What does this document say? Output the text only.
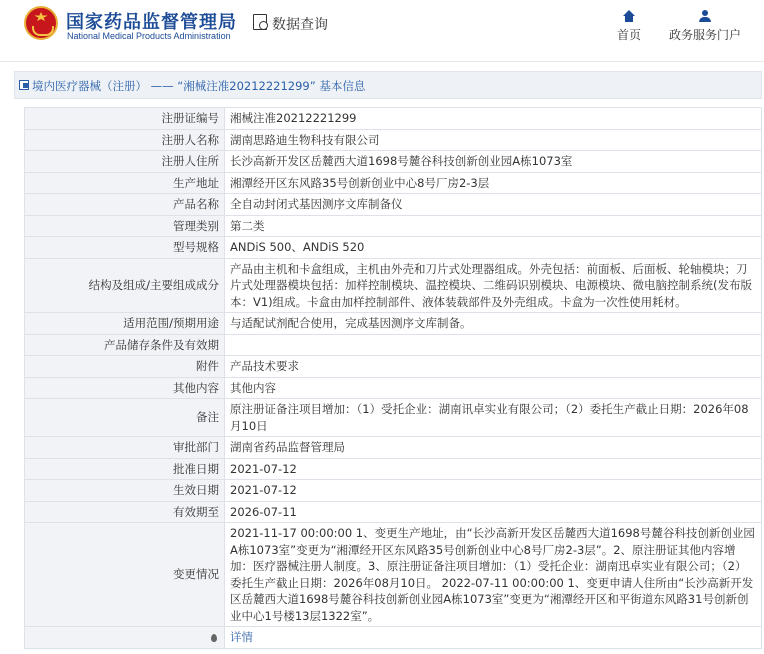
国家药品监督管理局
National Medical Products Administration
数据查询
首页 政务服务门户
境内医疗器械（注册） —— “湘械注准20212221299” 基本信息
注册证编号	湘械注准20212221299
注册人名称	湖南思路迪生物科技有限公司
注册人住所	长沙高新开发区岳麓西大道1698号麓谷科技创新创业园A栋1073室
生产地址	湘潭经开区东风路35号创新创业中心8号厂房2-3层
产品名称	全自动封闭式基因测序文库制备仪
管理类别	第二类
型号规格	ANDiS 500、ANDiS 520
结构及组成/主要组成成分	产品由主机和卡盒组成，主机由外壳和刀片式处理器组成。外壳包括：前面板、后面板、轮轴模块；刀片式处理器模块包括：加样控制模块、温控模块、二维码识别模块、电源模块、微电脑控制系统(发布版本：V1)组成。卡盒由加样控制部件、液体装载部件及外壳组成。卡盒为一次性使用耗材。
适用范围/预期用途	与适配试剂配合使用，完成基因测序文库制备。
产品储存条件及有效期	
附件	产品技术要求
其他内容	其他内容
备注	原注册证备注项目增加：（1）受托企业：湖南讯卓实业有限公司；（2）委托生产截止日期：2026年08月10日
审批部门	湖南省药品监督管理局
批准日期	2021-07-12
生效日期	2021-07-12
有效期至	2026-07-11
变更情况	2021-11-17 00:00:00 1、变更生产地址，由“长沙高新开发区岳麓西大道1698号麓谷科技创新创业园A栋1073室”变更为“湘潭经开区东风路35号创新创业中心8号厂房2-3层”。2、原注册证其他内容增加：医疗器械注册人制度。3、原注册证备注项目增加：（1）受托企业：湖南迅卓实业有限公司；（2）委托生产截止日期：2026年08月10日。 2022-07-11 00:00:00 1、变更申请人住所由“长沙高新开发区岳麓西大道1698号麓谷科技创新创业园A栋1073室”变更为“湘潭经开区和平街道东风路31号创新创业中心1号楼13层1322室”。
	详情
